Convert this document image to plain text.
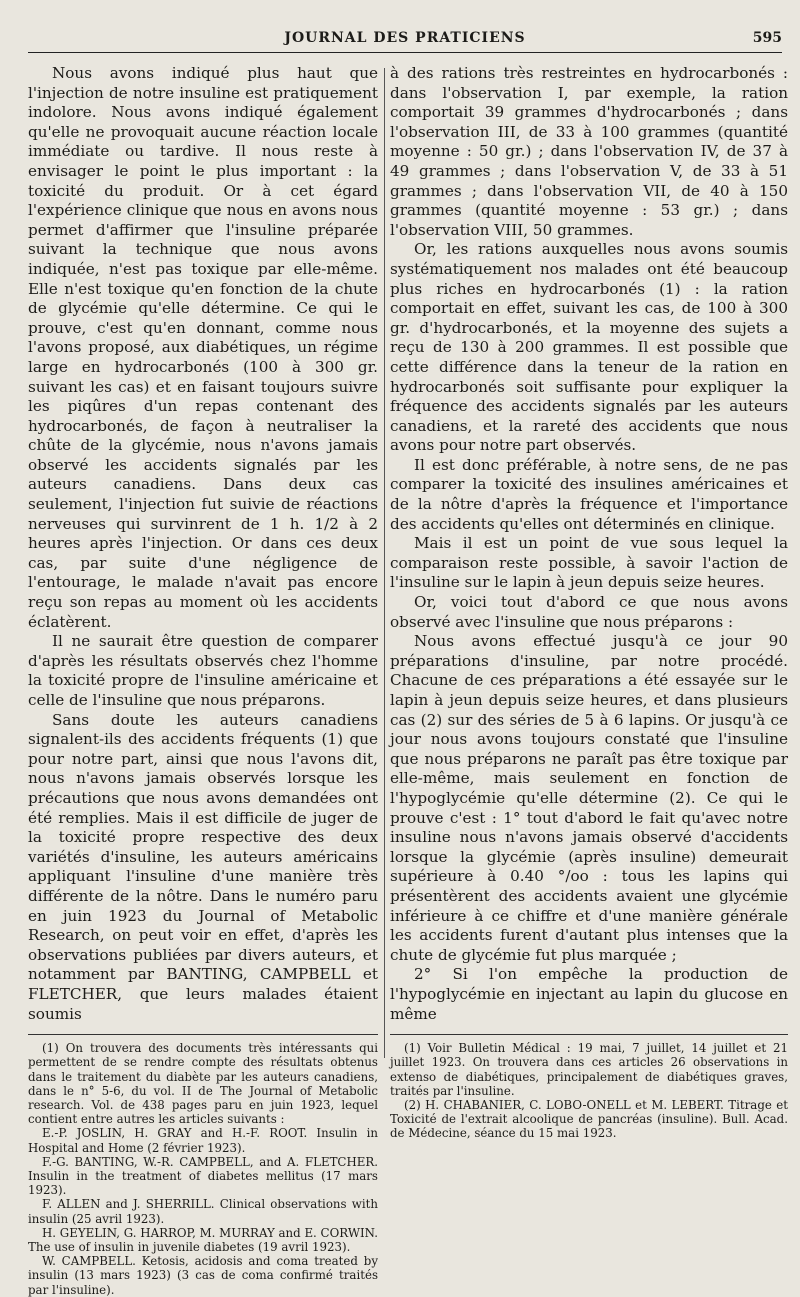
JOURNAL DES PRATICIENS	595

Nous avons indiqué plus haut que l'injection de notre insuline est pratiquement indolore. Nous avons indiqué également qu'elle ne provoquait aucune réaction locale immédiate ou tardive. Il nous reste à envisager le point le plus important : la toxicité du produit. Or à cet égard l'expérience clinique que nous en avons nous permet d'affirmer que l'insuline préparée suivant la technique que nous avons indiquée, n'est pas toxique par elle-même. Elle n'est toxique qu'en fonction de la chute de glycémie qu'elle détermine. Ce qui le prouve, c'est qu'en donnant, comme nous l'avons proposé, aux diabétiques, un régime large en hydrocarbonés (100 à 300 gr. suivant les cas) et en faisant toujours suivre les piqûres d'un repas contenant des hydrocarbonés, de façon à neutraliser la chûte de la glycémie, nous n'avons jamais observé les accidents signalés par les auteurs canadiens. Dans deux cas seulement, l'injection fut suivie de réactions nerveuses qui survinrent de 1 h. 1/2 à 2 heures après l'injection. Or dans ces deux cas, par suite d'une négligence de l'entourage, le malade n'avait pas encore reçu son repas au moment où les accidents éclatèrent.

Il ne saurait être question de comparer d'après les résultats observés chez l'homme la toxicité propre de l'insuline américaine et celle de l'insuline que nous préparons.

Sans doute les auteurs canadiens signalent-ils des accidents fréquents (1) que pour notre part, ainsi que nous l'avons dit, nous n'avons jamais observés lorsque les précautions que nous avons demandées ont été remplies. Mais il est difficile de juger de la toxicité propre respective des deux variétés d'insuline, les auteurs américains appliquant l'insuline d'une manière très différente de la nôtre. Dans le numéro paru en juin 1923 du Journal of Metabolic Research, on peut voir en effet, d'après les observations publiées par divers auteurs, et notamment par BANTING, CAMPBELL et FLETCHER, que leurs malades étaient soumis

(1) On trouvera des documents très intéressants qui permettent de se rendre compte des résultats obtenus dans le traitement du diabète par les auteurs canadiens, dans le n° 5-6, du vol. II de The Journal of Metabolic research. Vol. de 438 pages paru en juin 1923, lequel contient entre autres les articles suivants :

E.-P. JOSLIN, H. GRAY and H.-F. ROOT. Insulin in Hospital and Home (2 février 1923).

F.-G. BANTING, W.-R. CAMPBELL, and A. FLETCHER. Insulin in the treatment of diabetes mellitus (17 mars 1923).

F. ALLEN and J. SHERRILL. Clinical observations with insulin (25 avril 1923).

H. GEYELIN, G. HARROP, M. MURRAY and E. CORWIN. The use of insulin in juvenile diabetes (19 avril 1923).

W. CAMPBELL. Ketosis, acidosis and coma treated by insulin (13 mars 1923) (3 cas de coma confirmé traités par l'insuline).

à des rations très restreintes en hydrocarbonés : dans l'observation I, par exemple, la ration comportait 39 grammes d'hydrocarbonés ; dans l'observation III, de 33 à 100 grammes (quantité moyenne : 50 gr.) ; dans l'observation IV, de 37 à 49 grammes ; dans l'observation V, de 33 à 51 grammes ; dans l'observation VII, de 40 à 150 grammes (quantité moyenne : 53 gr.) ; dans l'observation VIII, 50 grammes.

Or, les rations auxquelles nous avons soumis systématiquement nos malades ont été beaucoup plus riches en hydrocarbonés (1) : la ration comportait en effet, suivant les cas, de 100 à 300 gr. d'hydrocarbonés, et la moyenne des sujets a reçu de 130 à 200 grammes. Il est possible que cette différence dans la teneur de la ration en hydrocarbonés soit suffisante pour expliquer la fréquence des accidents signalés par les auteurs canadiens, et la rareté des accidents que nous avons pour notre part observés.

Il est donc préférable, à notre sens, de ne pas comparer la toxicité des insulines américaines et de la nôtre d'après la fréquence et l'importance des accidents qu'elles ont déterminés en clinique.

Mais il est un point de vue sous lequel la comparaison reste possible, à savoir l'action de l'insuline sur le lapin à jeun depuis seize heures.

Or, voici tout d'abord ce que nous avons observé avec l'insuline que nous préparons :

Nous avons effectué jusqu'à ce jour 90 préparations d'insuline, par notre procédé. Chacune de ces préparations a été essayée sur le lapin à jeun depuis seize heures, et dans plusieurs cas (2) sur des séries de 5 à 6 lapins. Or jusqu'à ce jour nous avons toujours constaté que l'insuline que nous préparons ne paraît pas être toxique par elle-même, mais seulement en fonction de l'hypoglycémie qu'elle détermine (2). Ce qui le prouve c'est : 1° tout d'abord le fait qu'avec notre insuline nous n'avons jamais observé d'accidents lorsque la glycémie (après insuline) demeurait supérieure à 0.40 °/oo : tous les lapins qui présentèrent des accidents avaient une glycémie inférieure à ce chiffre et d'une manière générale les accidents furent d'autant plus intenses que la chute de glycémie fut plus marquée ;

2° Si l'on empêche la production de l'hypoglycémie en injectant au lapin du glucose en même

(1) Voir Bulletin Médical : 19 mai, 7 juillet, 14 juillet et 21 juillet 1923. On trouvera dans ces articles 26 observations in extenso de diabétiques, principalement de diabétiques graves, traités par l'insuline.

(2) H. CHABANIER, C. LOBO-ONELL et M. LEBERT. Titrage et Toxicité de l'extrait alcoolique de pancréas (insuline). Bull. Acad. de Médecine, séance du 15 mai 1923.
